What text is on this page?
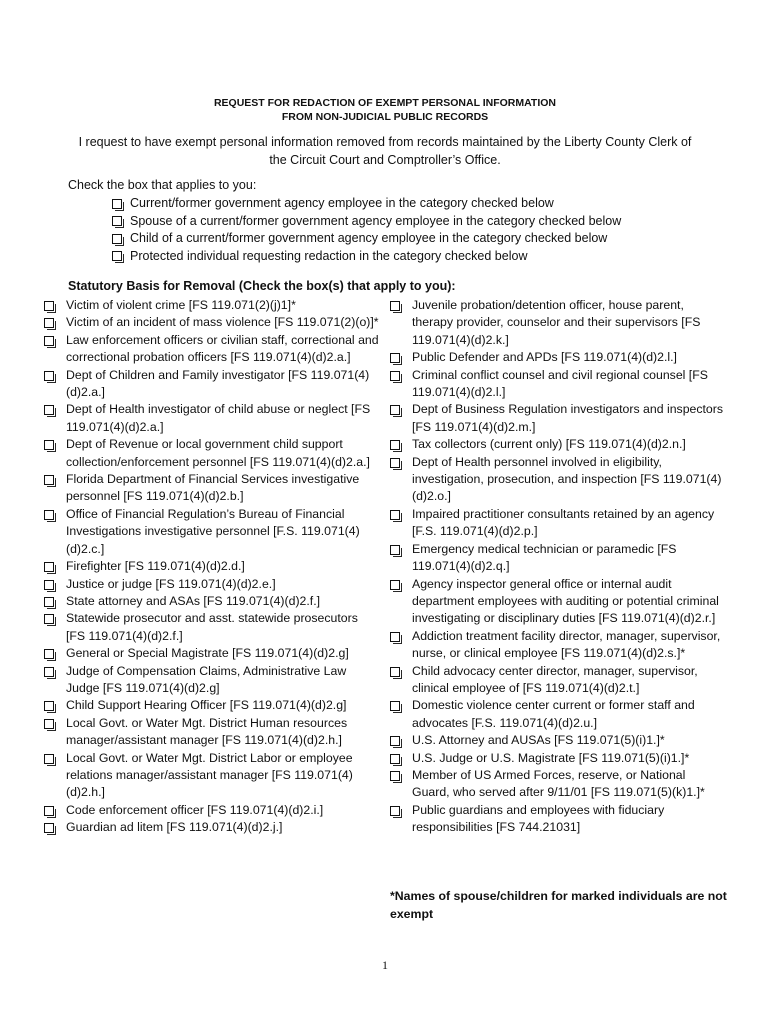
REQUEST FOR REDACTION OF EXEMPT PERSONAL INFORMATION
FROM NON-JUDICIAL PUBLIC RECORDS
I request to have exempt personal information removed from records maintained by the Liberty County Clerk of the Circuit Court and Comptroller’s Office.
Check the box that applies to you:
Current/former government agency employee in the category checked below
Spouse of a current/former government agency employee in the category checked below
Child of a current/former government agency employee in the category checked below
Protected individual requesting redaction in the category checked below
Statutory Basis for Removal (Check the box(s) that apply to you):
Victim of violent crime [FS 119.071(2)(j)1]*
Victim of an incident of mass violence [FS 119.071(2)(o)]*
Law enforcement officers or civilian staff, correctional and correctional probation officers [FS 119.071(4)(d)2.a.]
Dept of Children and Family investigator [FS 119.071(4)(d)2.a.]
Dept of Health investigator of child abuse or neglect [FS 119.071(4)(d)2.a.]
Dept of Revenue or local government child support collection/enforcement personnel [FS 119.071(4)(d)2.a.]
Florida Department of Financial Services investigative personnel [FS 119.071(4)(d)2.b.]
Office of Financial Regulation’s Bureau of Financial Investigations investigative personnel [F.S. 119.071(4)(d)2.c.]
Firefighter [FS 119.071(4)(d)2.d.]
Justice or judge [FS 119.071(4)(d)2.e.]
State attorney and ASAs [FS 119.071(4)(d)2.f.]
Statewide prosecutor and asst. statewide prosecutors [FS 119.071(4)(d)2.f.]
General or Special Magistrate [FS 119.071(4)(d)2.g]
Judge of Compensation Claims, Administrative Law Judge [FS 119.071(4)(d)2.g]
Child Support Hearing Officer [FS 119.071(4)(d)2.g]
Local Govt. or Water Mgt. District Human resources manager/assistant manager [FS 119.071(4)(d)2.h.]
Local Govt. or Water Mgt. District Labor or employee relations manager/assistant manager [FS 119.071(4)(d)2.h.]
Code enforcement officer [FS 119.071(4)(d)2.i.]
Guardian ad litem [FS 119.071(4)(d)2.j.]
Juvenile probation/detention officer, house parent, therapy provider, counselor and their supervisors [FS 119.071(4)(d)2.k.]
Public Defender and APDs [FS 119.071(4)(d)2.l.]
Criminal conflict counsel and civil regional counsel [FS 119.071(4)(d)2.l.]
Dept of Business Regulation investigators and inspectors [FS 119.071(4)(d)2.m.]
Tax collectors (current only) [FS 119.071(4)(d)2.n.]
Dept of Health personnel involved in eligibility, investigation, prosecution, and inspection [FS 119.071(4)(d)2.o.]
Impaired practitioner consultants retained by an agency [F.S. 119.071(4)(d)2.p.]
Emergency medical technician or paramedic [FS 119.071(4)(d)2.q.]
Agency inspector general office or internal audit department employees with auditing or potential criminal investigating or disciplinary duties [FS 119.071(4)(d)2.r.]
Addiction treatment facility director, manager, supervisor, nurse, or clinical employee [FS 119.071(4)(d)2.s.]*
Child advocacy center director, manager, supervisor, clinical employee of [FS 119.071(4)(d)2.t.]
Domestic violence center current or former staff and advocates [F.S. 119.071(4)(d)2.u.]
U.S. Attorney and AUSAs [FS 119.071(5)(i)1.]*
U.S. Judge or U.S. Magistrate [FS 119.071(5)(i)1.]*
Member of US Armed Forces, reserve, or National Guard, who served after 9/11/01 [FS 119.071(5)(k)1.]*
Public guardians and employees with fiduciary responsibilities [FS 744.21031]
*Names of spouse/children for marked individuals are not exempt
1
